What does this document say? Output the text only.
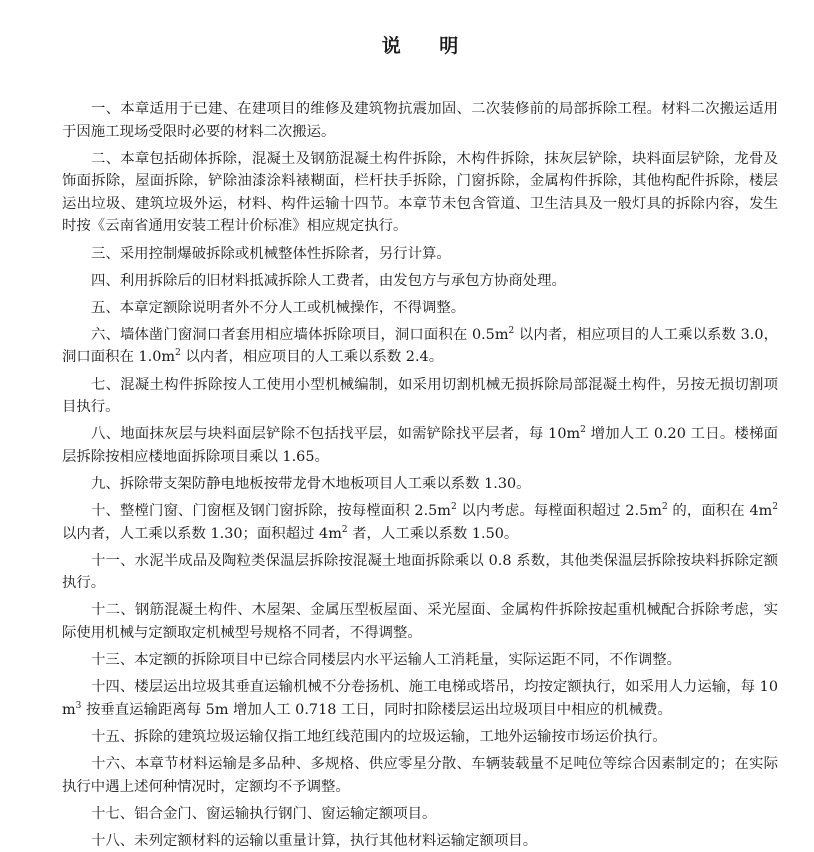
说 明

一、本章适用于已建、在建项目的维修及建筑物抗震加固、二次装修前的局部拆除工程。材料二次搬运适用于因施工现场受限时必要的材料二次搬运。

二、本章包括砌体拆除，混凝土及钢筋混凝土构件拆除，木构件拆除，抹灰层铲除，块料面层铲除，龙骨及饰面拆除，屋面拆除，铲除油漆涂料裱糊面，栏杆扶手拆除，门窗拆除，金属构件拆除，其他构配件拆除，楼层运出垃圾、建筑垃圾外运，材料、构件运输十四节。本章节未包含管道、卫生洁具及一般灯具的拆除内容，发生时按《云南省通用安装工程计价标准》相应规定执行。

三、采用控制爆破拆除或机械整体性拆除者，另行计算。

四、利用拆除后的旧材料抵减拆除人工费者，由发包方与承包方协商处理。

五、本章定额除说明者外不分人工或机械操作，不得调整。

六、墙体凿门窗洞口者套用相应墙体拆除项目，洞口面积在 $0.5m^2$ 以内者，相应项目的人工乘以系数 3.0，洞口面积在 $1.0m^2$ 以内者，相应项目的人工乘以系数 2.4。

七、混凝土构件拆除按人工使用小型机械编制，如采用切割机械无损拆除局部混凝土构件，另按无损切割项目执行。

八、地面抹灰层与块料面层铲除不包括找平层，如需铲除找平层者，每 $10m^2$ 增加人工 0.20 工日。楼梯面层拆除按相应楼地面拆除项目乘以 1.65。

九、拆除带支架防静电地板按带龙骨木地板项目人工乘以系数 1.30。

十、整樘门窗、门窗框及钢门窗拆除，按每樘面积 $2.5m^2$ 以内考虑。每樘面积超过 $2.5m^2$ 的，面积在 $4m^2$ 以内者，人工乘以系数 1.30；面积超过 $4m^2$ 者，人工乘以系数 1.50。

十一、水泥半成品及陶粒类保温层拆除按混凝土地面拆除乘以 0.8 系数，其他类保温层拆除按块料拆除定额执行。

十二、钢筋混凝土构件、木屋架、金属压型板屋面、采光屋面、金属构件拆除按起重机械配合拆除考虑，实际使用机械与定额取定机械型号规格不同者，不得调整。

十三、本定额的拆除项目中已综合同楼层内水平运输人工消耗量，实际运距不同，不作调整。

十四、楼层运出垃圾其垂直运输机械不分卷扬机、施工电梯或塔吊，均按定额执行，如采用人力运输，每 $10m^3$ 按垂直运输距离每 5m 增加人工 0.718 工日，同时扣除楼层运出垃圾项目中相应的机械费。

十五、拆除的建筑垃圾运输仅指工地红线范围内的垃圾运输，工地外运输按市场运价执行。

十六、本章节材料运输是多品种、多规格、供应零星分散、车辆装载量不足吨位等综合因素制定的；在实际执行中遇上述何种情况时，定额均不予调整。

十七、铝合金门、窗运输执行钢门、窗运输定额项目。

十八、未列定额材料的运输以重量计算，执行其他材料运输定额项目。
